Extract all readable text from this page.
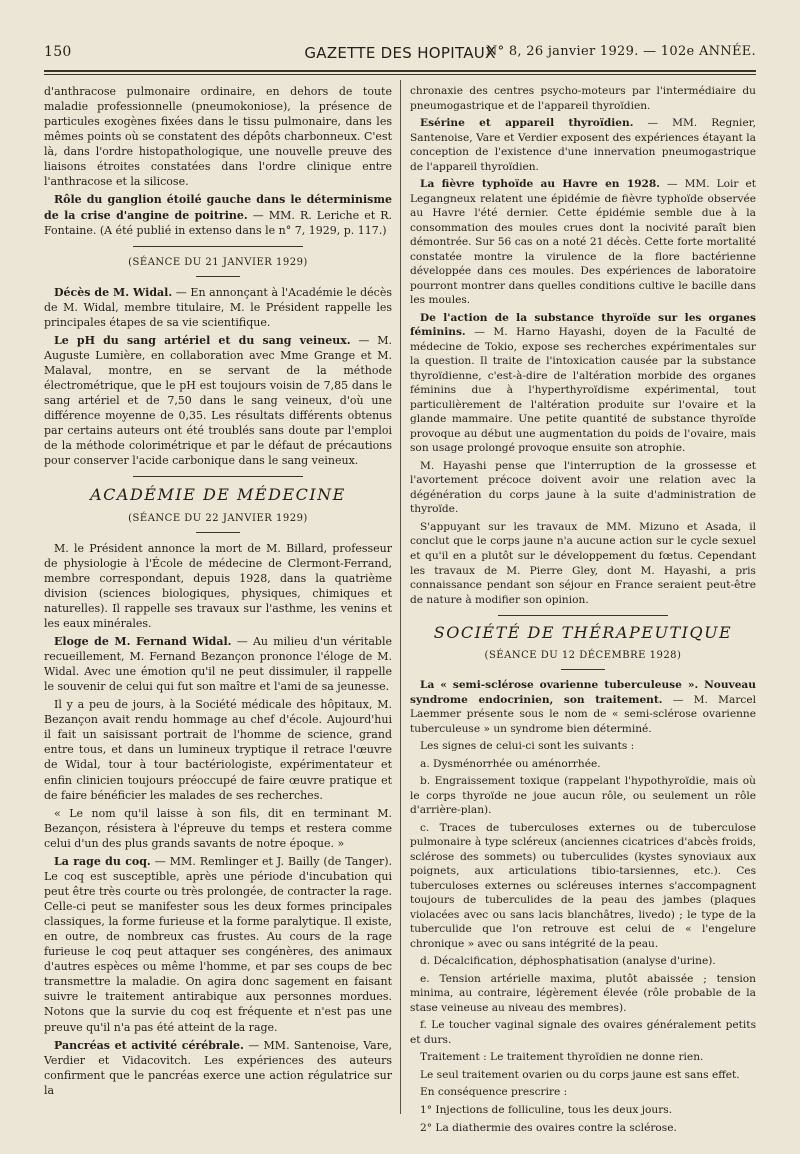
150	GAZETTE DES HOPITAUX
N° 8, 26 janvier 1929. — 102e ANNÉE.

d'anthracose pulmonaire ordinaire, en dehors de toute maladie professionnelle (pneumokoniose), la présence de particules exogènes fixées dans le tissu pulmonaire, dans les mêmes points où se constatent des dépôts charbonneux. C'est là, dans l'ordre histopathologique, une nouvelle preuve des liaisons étroites constatées dans l'ordre clinique entre l'anthracose et la silicose.

Rôle du ganglion étoilé gauche dans le déterminisme de la crise d'angine de poitrine. — MM. R. Leriche et R. Fontaine. (A été publié in extenso dans le n° 7, 1929, p. 117.)

(SÉANCE DU 21 JANVIER 1929)

Décès de M. Widal. — En annonçant à l'Académie le décès de M. Widal, membre titulaire, M. le Président rappelle les principales étapes de sa vie scientifique.

Le pH du sang artériel et du sang veineux. — M. Auguste Lumière, en collaboration avec Mme Grange et M. Malaval, montre, en se servant de la méthode électrométrique, que le pH est toujours voisin de 7,85 dans le sang artériel et de 7,50 dans le sang veineux, d'où une différence moyenne de 0,35. Les résultats différents obtenus par certains auteurs ont été troublés sans doute par l'emploi de la méthode colorimétrique et par le défaut de précautions pour conserver l'acide carbonique dans le sang veineux.

ACADÉMIE DE MÉDECINE

(SÉANCE DU 22 JANVIER 1929)

M. le Président annonce la mort de M. Billard, professeur de physiologie à l'École de médecine de Clermont-Ferrand, membre correspondant, depuis 1928, dans la quatrième division (sciences biologiques, physiques, chimiques et naturelles). Il rappelle ses travaux sur l'asthme, les venins et les eaux minérales.

Eloge de M. Fernand Widal. — Au milieu d'un véritable recueillement, M. Fernand Bezançon prononce l'éloge de M. Widal. Avec une émotion qu'il ne peut dissimuler, il rappelle le souvenir de celui qui fut son maître et l'ami de sa jeunesse.

Il y a peu de jours, à la Société médicale des hôpitaux, M. Bezançon avait rendu hommage au chef d'école. Aujourd'hui il fait un saisissant portrait de l'homme de science, grand entre tous, et dans un lumineux tryptique il retrace l'œuvre de Widal, tour à tour bactériologiste, expérimentateur et enfin clinicien toujours préoccupé de faire œuvre pratique et de faire bénéficier les malades de ses recherches.

« Le nom qu'il laisse à son fils, dit en terminant M. Bezançon, résistera à l'épreuve du temps et restera comme celui d'un des plus grands savants de notre époque. »

La rage du coq. — MM. Remlinger et J. Bailly (de Tanger). Le coq est susceptible, après une période d'incubation qui peut être très courte ou très prolongée, de contracter la rage. Celle-ci peut se manifester sous les deux formes principales classiques, la forme furieuse et la forme paralytique. Il existe, en outre, de nombreux cas frustes. Au cours de la rage furieuse le coq peut attaquer ses congénères, des animaux d'autres espèces ou même l'homme, et par ses coups de bec transmettre la maladie. On agira donc sagement en faisant suivre le traitement antirabique aux personnes mordues. Notons que la survie du coq est fréquente et n'est pas une preuve qu'il n'a pas été atteint de la rage.

Pancréas et activité cérébrale. — MM. Santenoise, Vare, Verdier et Vidacovitch. Les expériences des auteurs confirment que le pancréas exerce une action régulatrice sur la

chronaxie des centres psycho-moteurs par l'intermédiaire du pneumogastrique et de l'appareil thyroïdien.

Esérine et appareil thyroïdien. — MM. Regnier, Santenoise, Vare et Verdier exposent des expériences étayant la conception de l'existence d'une innervation pneumogastrique de l'appareil thyroïdien.

La fièvre typhoïde au Havre en 1928. — MM. Loir et Legangneux relatent une épidémie de fièvre typhoïde observée au Havre l'été dernier. Cette épidémie semble due à la consommation des moules crues dont la nocivité paraît bien démontrée. Sur 56 cas on a noté 21 décès. Cette forte mortalité constatée montre la virulence de la flore bactérienne développée dans ces moules. Des expériences de laboratoire pourront montrer dans quelles conditions cultive le bacille dans les moules.

De l'action de la substance thyroïde sur les organes féminins. — M. Harno Hayashi, doyen de la Faculté de médecine de Tokio, expose ses recherches expérimentales sur la question. Il traite de l'intoxication causée par la substance thyroïdienne, c'est-à-dire de l'altération morbide des organes féminins due à l'hyperthyroïdisme expérimental, tout particulièrement de l'altération produite sur l'ovaire et la glande mammaire. Une petite quantité de substance thyroïde provoque au début une augmentation du poids de l'ovaire, mais son usage prolongé provoque ensuite son atrophie.

M. Hayashi pense que l'interruption de la grossesse et l'avortement précoce doivent avoir une relation avec la dégénération du corps jaune à la suite d'administration de thyroïde.

S'appuyant sur les travaux de MM. Mizuno et Asada, il conclut que le corps jaune n'a aucune action sur le cycle sexuel et qu'il en a plutôt sur le développement du fœtus. Cependant les travaux de M. Pierre Gley, dont M. Hayashi, a pris connaissance pendant son séjour en France seraient peut-être de nature à modifier son opinion.

SOCIÉTÉ DE THÉRAPEUTIQUE

(SÉANCE DU 12 DÉCEMBRE 1928)

La « semi-sclérose ovarienne tuberculeuse ». Nouveau syndrome endocrinien, son traitement. — M. Marcel Laemmer présente sous le nom de « semi-sclérose ovarienne tuberculeuse » un syndrome bien déterminé.

Les signes de celui-ci sont les suivants :

a. Dysménorrhée ou aménorrhée.

b. Engraissement toxique (rappelant l'hypothyroïdie, mais où le corps thyroïde ne joue aucun rôle, ou seulement un rôle d'arrière-plan).

c. Traces de tuberculoses externes ou de tuberculose pulmonaire à type scléreux (anciennes cicatrices d'abcès froids, sclérose des sommets) ou tuberculides (kystes synoviaux aux poignets, aux articulations tibio-tarsiennes, etc.). Ces tuberculoses externes ou scléreuses internes s'accompagnent toujours de tuberculides de la peau des jambes (plaques violacées avec ou sans lacis blanchâtres, livedo) ; le type de la tuberculide que l'on retrouve est celui de « l'engelure chronique » avec ou sans intégrité de la peau.

d. Décalcification, déphosphatisation (analyse d'urine).

e. Tension artérielle maxima, plutôt abaissée ; tension minima, au contraire, légèrement élevée (rôle probable de la stase veineuse au niveau des membres).

f. Le toucher vaginal signale des ovaires généralement petits et durs.

Traitement : Le traitement thyroïdien ne donne rien.

Le seul traitement ovarien ou du corps jaune est sans effet.

En conséquence prescrire :

1° Injections de folliculine, tous les deux jours.

2° La diathermie des ovaires contre la sclérose.
